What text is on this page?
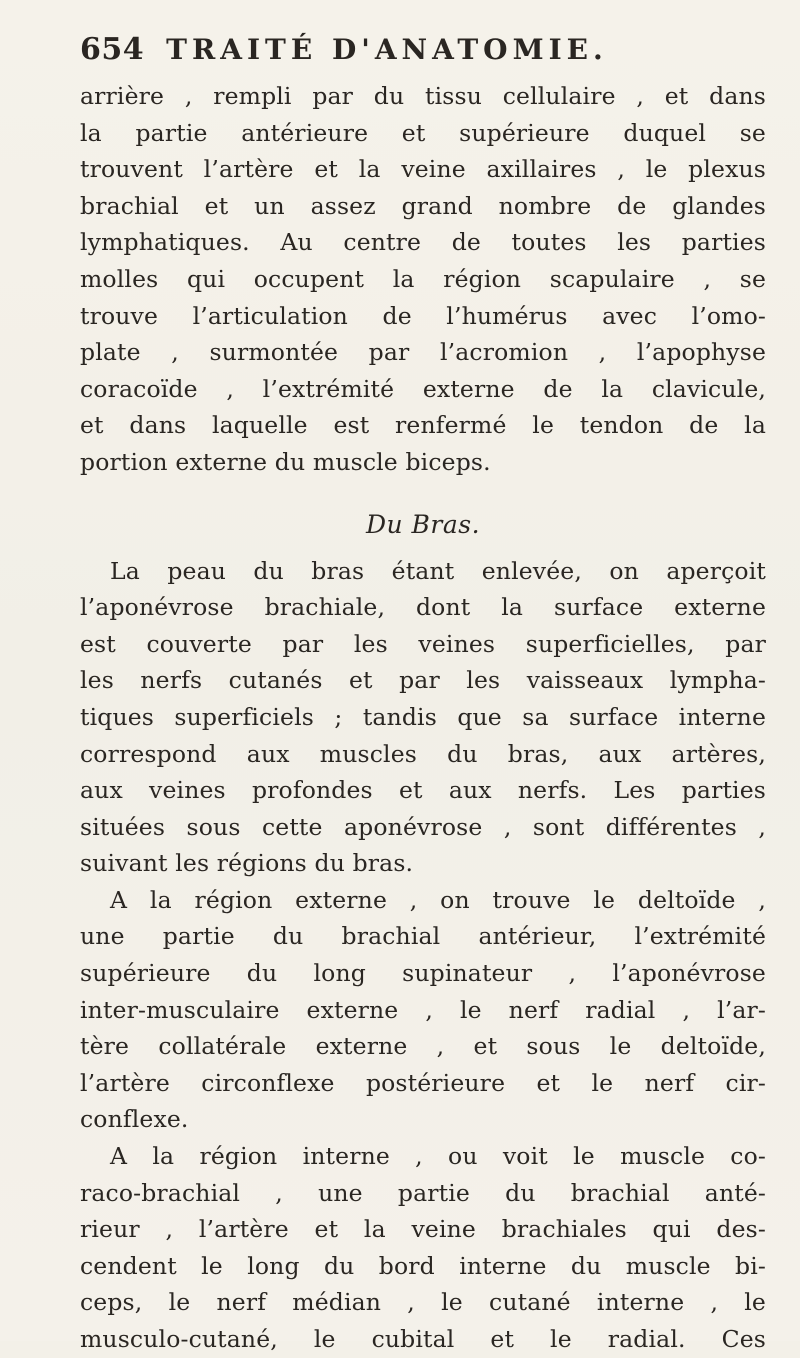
654 TRAITÉ D'ANATOMIE.
arrière , rempli par du tissu cellulaire , et dans
la partie antérieure et supérieure duquel se
trouvent l’artère et la veine axillaires , le plexus
brachial et un assez grand nombre de glandes
lymphatiques. Au centre de toutes les parties
molles qui occupent la région scapulaire , se
trouve l’articulation de l’humérus avec l’omo-
plate , surmontée par l’acromion , l’apophyse
coracoïde , l’extrémité externe de la clavicule,
et dans laquelle est renfermé le tendon de la
portion externe du muscle biceps.
Du Bras.
La peau du bras étant enlevée, on aperçoit
l’aponévrose brachiale, dont la surface externe
est couverte par les veines superficielles, par
les nerfs cutanés et par les vaisseaux lympha-
tiques superficiels ; tandis que sa surface interne
correspond aux muscles du bras, aux artères,
aux veines profondes et aux nerfs. Les parties
situées sous cette aponévrose , sont différentes ,
suivant les régions du bras.
A la région externe , on trouve le deltoïde ,
une partie du brachial antérieur, l’extrémité
supérieure du long supinateur , l’aponévrose
inter-musculaire externe , le nerf radial , l’ar-
tère collatérale externe , et sous le deltoïde,
l’artère circonflexe postérieure et le nerf cir-
conflexe.
A la région interne , ou voit le muscle co-
raco-brachial , une partie du brachial anté-
rieur , l’artère et la veine brachiales qui des-
cendent le long du bord interne du muscle bi-
ceps, le nerf médian , le cutané interne , le
musculo-cutané, le cubital et le radial. Ces
